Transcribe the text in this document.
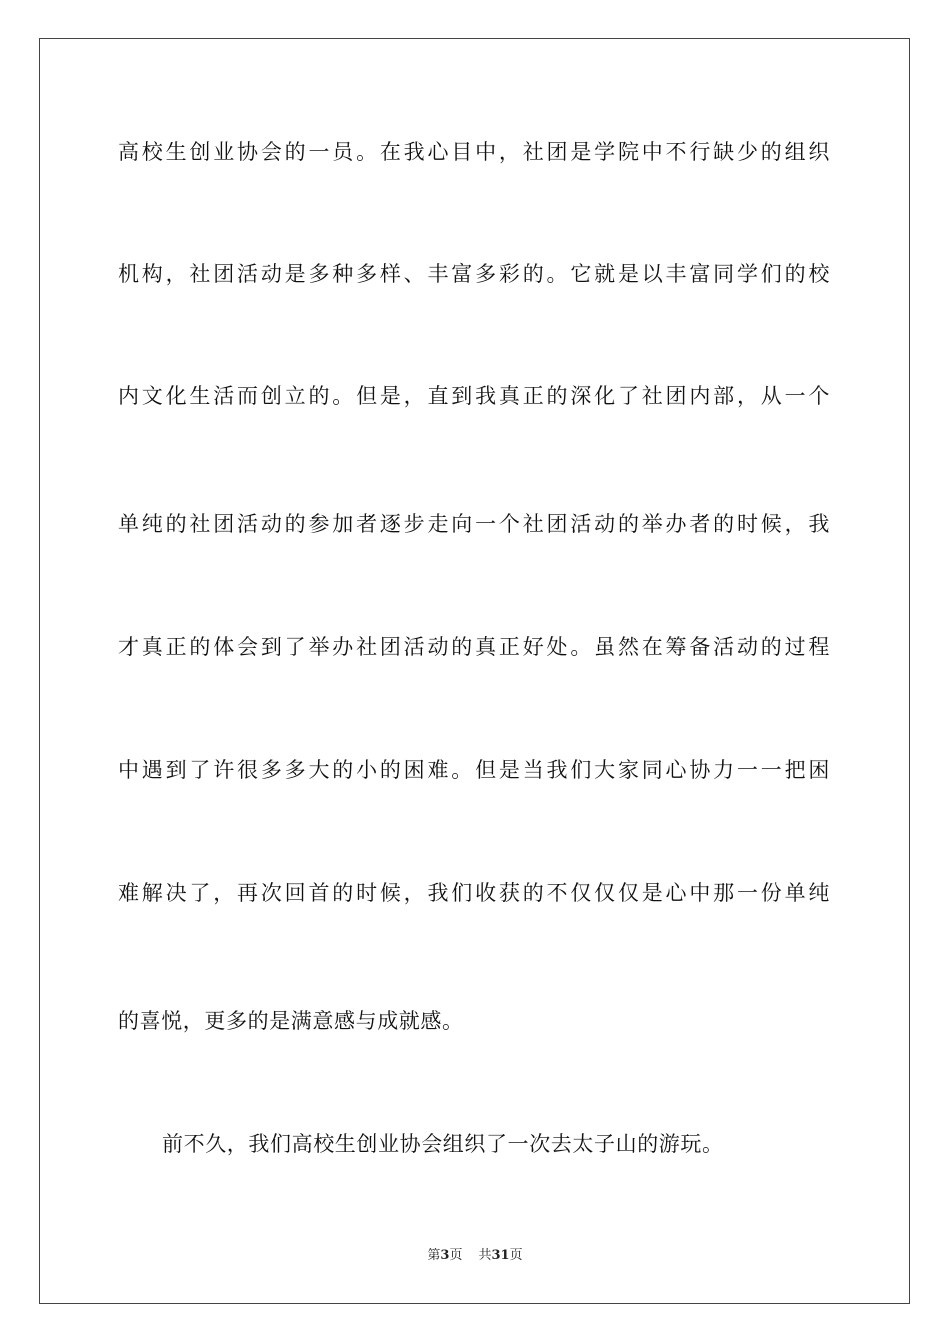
高校生创业协会的一员。在我心目中，社团是学院中不行缺少的组织
机构，社团活动是多种多样、丰富多彩的。它就是以丰富同学们的校
内文化生活而创立的。但是，直到我真正的深化了社团内部，从一个
单纯的社团活动的参加者逐步走向一个社团活动的举办者的时候，我
才真正的体会到了举办社团活动的真正好处。虽然在筹备活动的过程
中遇到了许很多多大的小的困难。但是当我们大家同心协力一一把困
难解决了，再次回首的时候，我们收获的不仅仅仅是心中那一份单纯
的喜悦，更多的是满意感与成就感。
前不久，我们高校生创业协会组织了一次去太子山的游玩。
第3页 共31页
